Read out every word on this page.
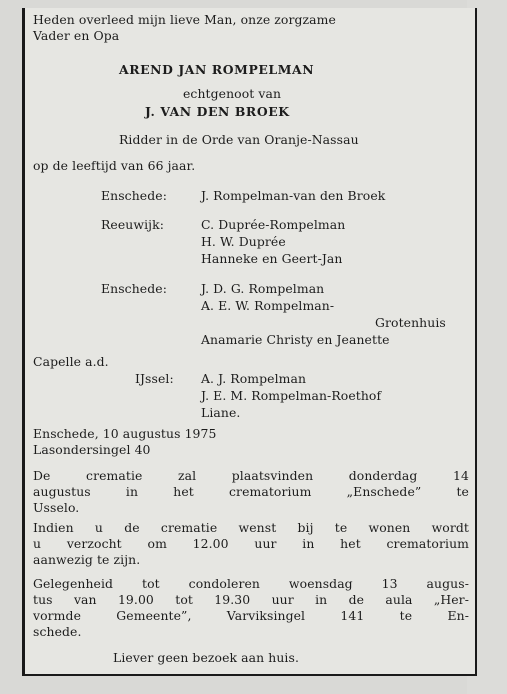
Heden overleed mijn lieve Man, onze zorgzame
Vader en Opa
AREND JAN ROMPELMAN
echtgenoot van
J. VAN DEN BROEK
Ridder in de Orde van Oranje-Nassau
op de leeftijd van 66 jaar.
Enschede:	J. Rompelman-van den Broek
Reeuwijk:	C. Duprée-Rompelman
H. W. Duprée
Hanneke en Geert-Jan
Enschede:	J. D. G. Rompelman
A. E. W. Rompelman-
Grotenhuis
Anamarie Christy en Jeanette
Capelle a.d.
IJssel: A. J. Rompelman
J. E. M. Rompelman-Roethof
Liane.
Enschede, 10 augustus 1975
Lasondersingel 40
De crematie zal plaatsvinden donderdag 14
augustus in het crematorium „Enschede” te
Usselo.
Indien u de crematie wenst bij te wonen wordt
u verzocht om 12.00 uur in het crematorium
aanwezig te zijn.
Gelegenheid tot condoleren woensdag 13 augus-
tus van 19.00 tot 19.30 uur in de aula „Her-
vormde Gemeente”, Varviksingel 141 te En-
schede.
Liever geen bezoek aan huis.
